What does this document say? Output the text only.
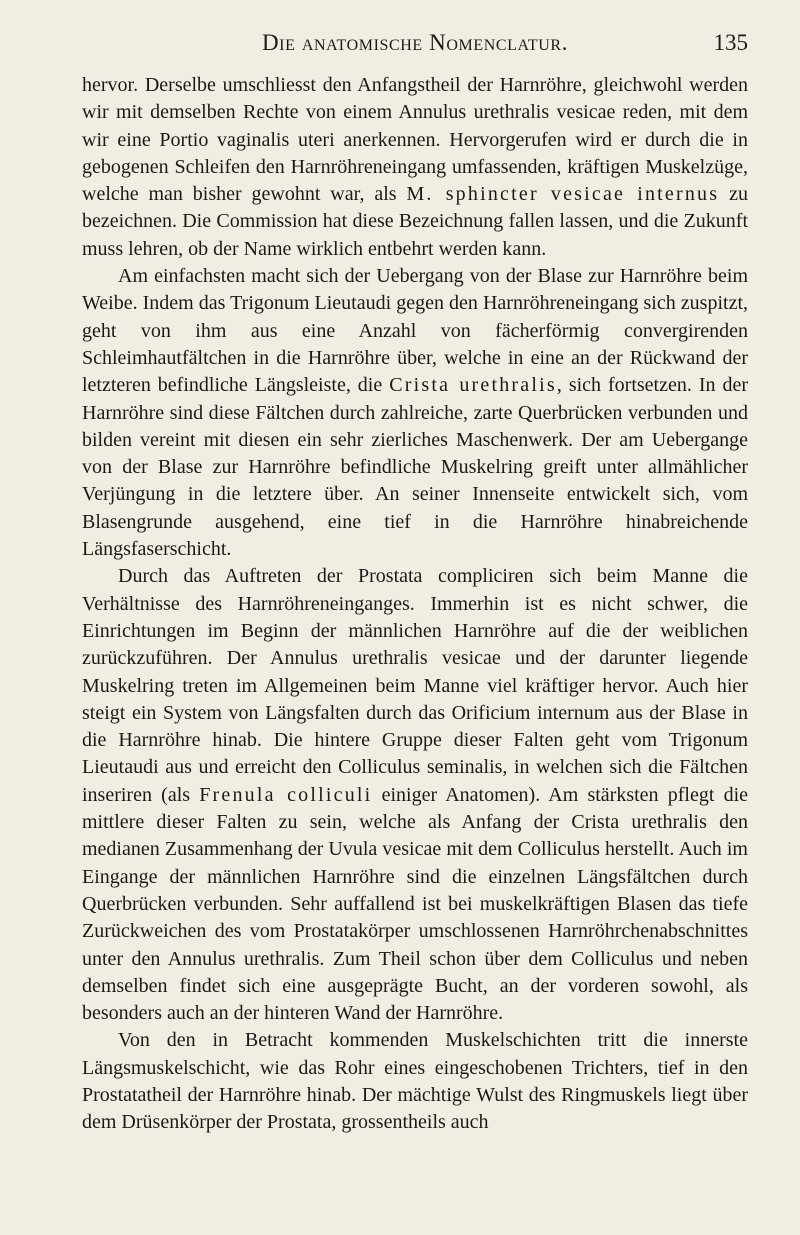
Die anatomische Nomenclatur.	135

hervor. Derselbe umschliesst den Anfangstheil der Harnröhre, gleichwohl werden wir mit demselben Rechte von einem Annulus urethralis vesicae reden, mit dem wir eine Portio vaginalis uteri anerkennen. Hervorgerufen wird er durch die in gebogenen Schleifen den Harnröhreneingang umfassenden, kräftigen Muskelzüge, welche man bisher gewohnt war, als M. sphincter vesicae internus zu bezeichnen. Die Commission hat diese Bezeichnung fallen lassen, und die Zukunft muss lehren, ob der Name wirklich entbehrt werden kann.

Am einfachsten macht sich der Uebergang von der Blase zur Harnröhre beim Weibe. Indem das Trigonum Lieutaudi gegen den Harnröhreneingang sich zuspitzt, geht von ihm aus eine Anzahl von fächerförmig convergirenden Schleimhautfältchen in die Harnröhre über, welche in eine an der Rückwand der letzteren befindliche Längsleiste, die Crista urethralis, sich fortsetzen. In der Harnröhre sind diese Fältchen durch zahlreiche, zarte Querbrücken verbunden und bilden vereint mit diesen ein sehr zierliches Maschenwerk. Der am Uebergange von der Blase zur Harnröhre befindliche Muskelring greift unter allmählicher Verjüngung in die letztere über. An seiner Innenseite entwickelt sich, vom Blasengrunde ausgehend, eine tief in die Harnröhre hinabreichende Längsfaserschicht.

Durch das Auftreten der Prostata compliciren sich beim Manne die Verhältnisse des Harnröhreneinganges. Immerhin ist es nicht schwer, die Einrichtungen im Beginn der männlichen Harnröhre auf die der weiblichen zurückzuführen. Der Annulus urethralis vesicae und der darunter liegende Muskelring treten im Allgemeinen beim Manne viel kräftiger hervor. Auch hier steigt ein System von Längsfalten durch das Orificium internum aus der Blase in die Harnröhre hinab. Die hintere Gruppe dieser Falten geht vom Trigonum Lieutaudi aus und erreicht den Colliculus seminalis, in welchen sich die Fältchen inseriren (als Frenula colliculi einiger Anatomen). Am stärksten pflegt die mittlere dieser Falten zu sein, welche als Anfang der Crista urethralis den medianen Zusammenhang der Uvula vesicae mit dem Colliculus herstellt. Auch im Eingange der männlichen Harnröhre sind die einzelnen Längsfältchen durch Querbrücken verbunden. Sehr auffallend ist bei muskelkräftigen Blasen das tiefe Zurückweichen des vom Prostatakörper umschlossenen Harnröhrchenabschnittes unter den Annulus urethralis. Zum Theil schon über dem Colliculus und neben demselben findet sich eine ausgeprägte Bucht, an der vorderen sowohl, als besonders auch an der hinteren Wand der Harnröhre.

Von den in Betracht kommenden Muskelschichten tritt die innerste Längsmuskelschicht, wie das Rohr eines eingeschobenen Trichters, tief in den Prostatatheil der Harnröhre hinab. Der mächtige Wulst des Ringmuskels liegt über dem Drüsenkörper der Prostata, grossentheils auch
